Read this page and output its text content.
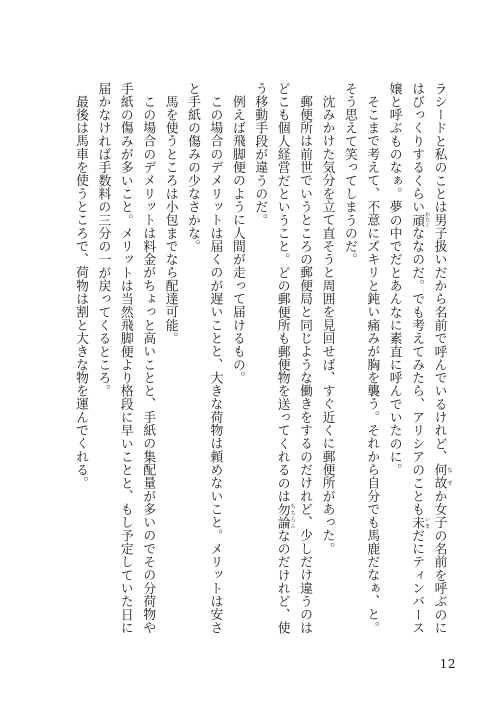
ラシードと私のことは男子扱いだから名前で呼んでいるけれど、何故 なぜか女子の名前を呼ぶのにはびっくりするくらい頑 かたくななのだ。でも考えてみたら、アリシアのことも未 いまだにティンバース嬢と呼ぶものなぁ。夢の中でだとあんなに素直に呼んでいたのに。

そこまで考えて、不意にズキリと鈍い痛みが胸を襲う。それから自分でも馬鹿だなぁ、と。そう思えて笑ってしまうのだ。

沈みかけた気分を立て直そうと周囲を見回せば、すぐ近くに郵便所があった。

郵便所は前世でいうところの郵便局と同じような働きをするのだけれど、少しだけ違うのはどこも個人経営だということ。どの郵便所も郵便物を送ってくれるのは勿論 もちろんなのだけれど、使う移動手段が違うのだ。

例えば飛脚便のように人間が走って届けるもの。

この場合のデメリットは届くのが遅いことと、大きな荷物は頼めないこと。メリットは安さと手紙の傷みの少なさかな。

馬を使うところは小包までなら配達可能。

この場合のデメリットは料金がちょっと高いことと、手紙の集配量が多いのでその分荷物や手紙の傷みが多いこと。メリットは当然飛脚便より格段に早いことと、もし予定していた日に届かなければ手数料の三分の一が戻ってくるところ。

最後は馬車を使うところで、荷物は割と大きな物を運んでくれる。

12
